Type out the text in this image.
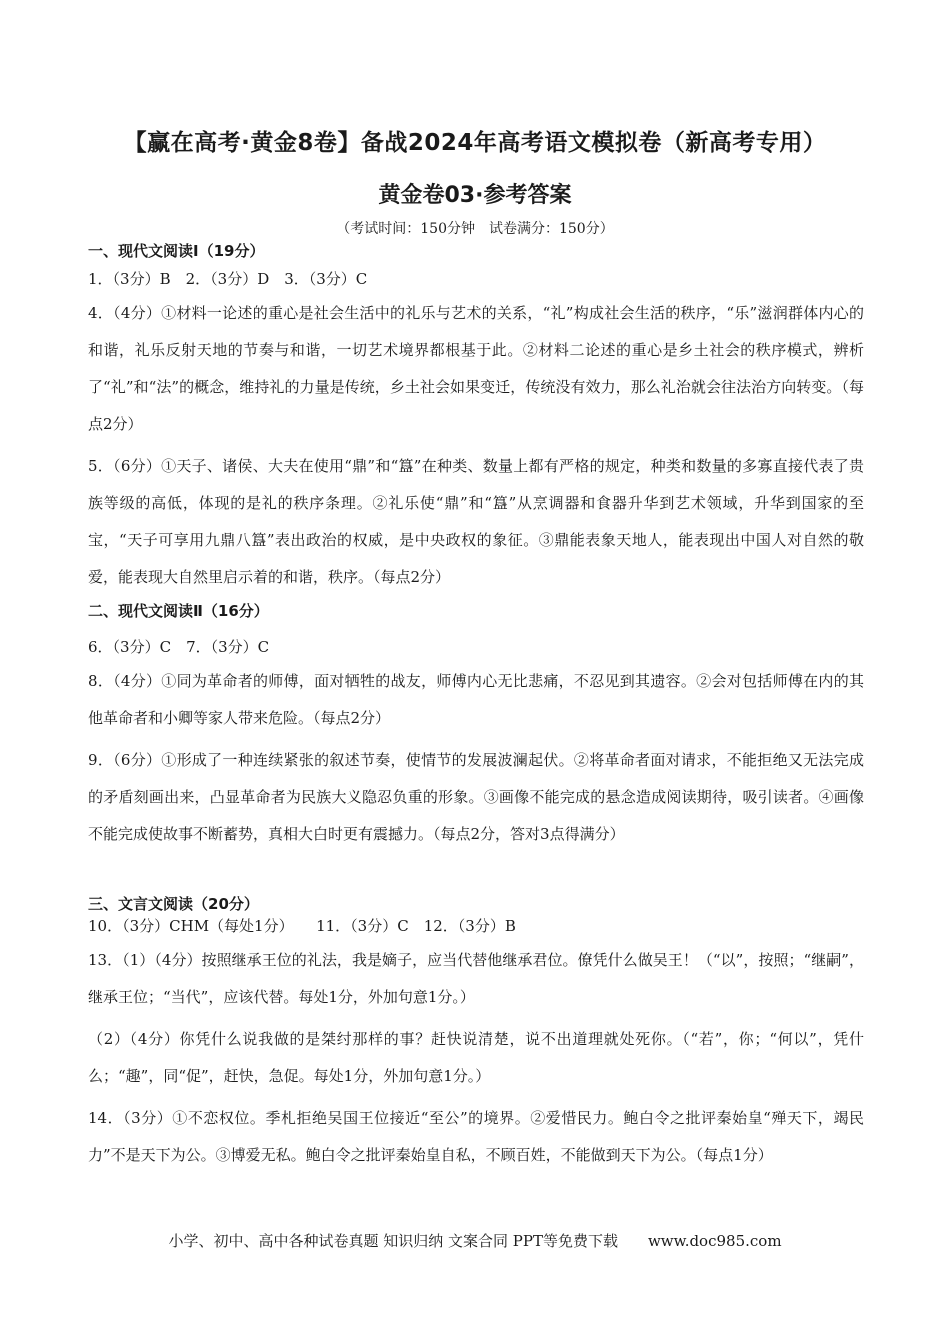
【赢在高考·黄金8卷】备战2024年高考语文模拟卷（新高考专用）
黄金卷03·参考答案
（考试时间：150分钟　试卷满分：150分）
一、现代文阅读Ⅰ（19分）
1．（3分）B　2．（3分）D　3．（3分）C
4．（4分）①材料一论述的重心是社会生活中的礼乐与艺术的关系，“礼”构成社会生活的秩序，“乐”滋润群体内心的和谐，礼乐反射天地的节奏与和谐，一切艺术境界都根基于此。②材料二论述的重心是乡土社会的秩序模式，辨析了“礼”和“法”的概念，维持礼的力量是传统，乡土社会如果变迁，传统没有效力，那么礼治就会往法治方向转变。（每点2分）
5．（6分）①天子、诸侯、大夫在使用“鼎”和“簋”在种类、数量上都有严格的规定，种类和数量的多寡直接代表了贵族等级的高低，体现的是礼的秩序条理。②礼乐使“鼎”和“簋”从烹调器和食器升华到艺术领域，升华到国家的至宝，“天子可享用九鼎八簋”表出政治的权威，是中央政权的象征。③鼎能表象天地人，能表现出中国人对自然的敬爱，能表现大自然里启示着的和谐，秩序。（每点2分）
二、现代文阅读Ⅱ（16分）
6．（3分）C　7．（3分）C
8．（4分）①同为革命者的师傅，面对牺牲的战友，师傅内心无比悲痛，不忍见到其遗容。②会对包括师傅在内的其他革命者和小卿等家人带来危险。（每点2分）
9．（6分）①形成了一种连续紧张的叙述节奏，使情节的发展波澜起伏。②将革命者面对请求，不能拒绝又无法完成的矛盾刻画出来，凸显革命者为民族大义隐忍负重的形象。③画像不能完成的悬念造成阅读期待，吸引读者。④画像不能完成使故事不断蓄势，真相大白时更有震撼力。（每点2分，答对3点得满分）
三、文言文阅读（20分）
10．（3分）CHM（每处1分）　　11．（3分）C　12．（3分）B
13．（1）（4分）按照继承王位的礼法，我是嫡子，应当代替他继承君位。僚凭什么做吴王！（“以”，按照；“继嗣”，继承王位；“当代”，应该代替。每处1分，外加句意1分。）
（2）（4分）你凭什么说我做的是桀纣那样的事？赶快说清楚，说不出道理就处死你。（“若”，你；“何以”，凭什么；“趣”，同“促”，赶快，急促。每处1分，外加句意1分。）
14．（3分）①不恋权位。季札拒绝吴国王位接近“至公”的境界。②爱惜民力。鲍白令之批评秦始皇“殚天下，竭民力”不是天下为公。③博爱无私。鲍白令之批评秦始皇自私，不顾百姓，不能做到天下为公。（每点1分）
小学、初中、高中各种试卷真题 知识归纳 文案合同 PPT等免费下载　　www.doc985.com
